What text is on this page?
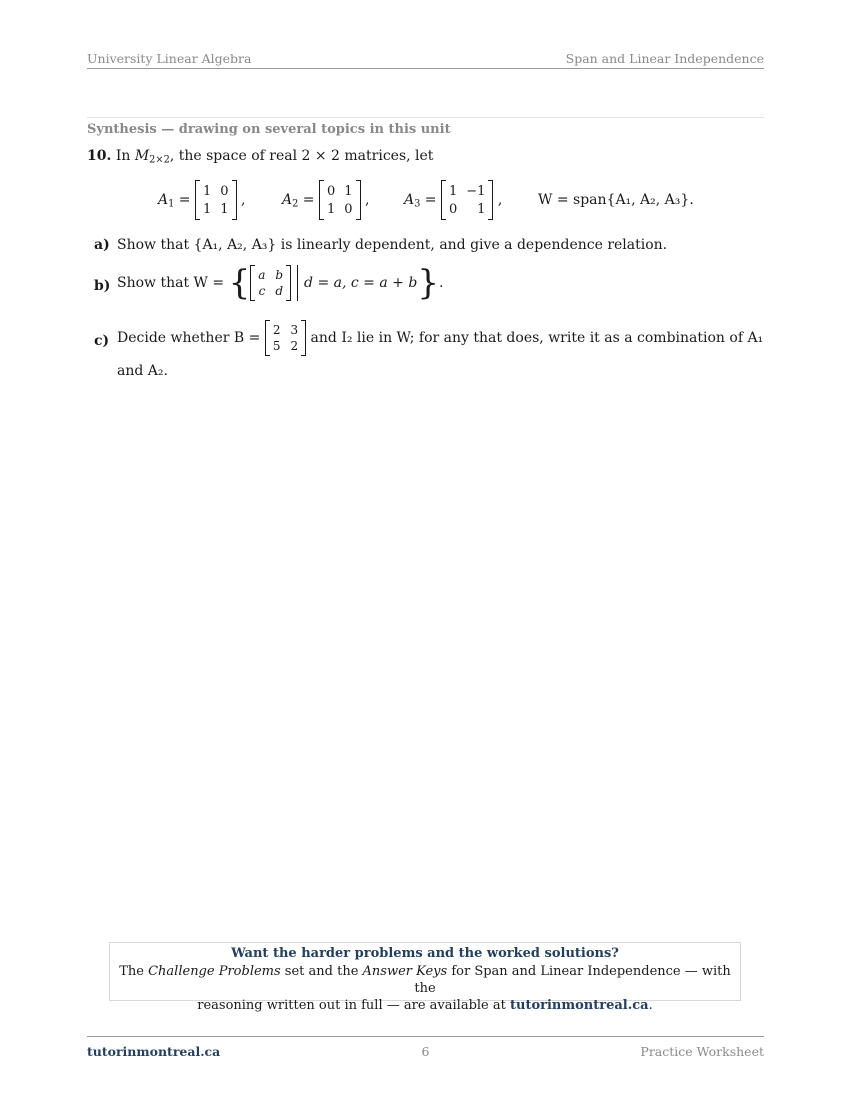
University Linear Algebra	Span and Linear Independence
Synthesis — drawing on several topics in this unit
10. In $M_{2\times 2}$, the space of real 2 × 2 matrices, let
$A_1$ =
1 0
1 1
,	$A_2$ =
0 1
1 0
, $A_3$ =
1 −1
0	1
,	W = span{A₁, A₂, A₃}.
a) Show that {A₁, A₂, A₃} is linearly dependent, and give a dependence relation.
b) Show that W = { a b
c d d = a, c = a + b}.
c) Decide whether B =
2 3
5 2 and I₂ lie in W; for any that does, write it as a combination of A₁
and A₂.
Want the harder problems and the worked solutions?
The Challenge Problems set and the Answer Keys for Span and Linear Independence — with the
reasoning written out in full — are available at tutorinmontreal.ca.
tutorinmontreal.ca	6	Practice Worksheet
